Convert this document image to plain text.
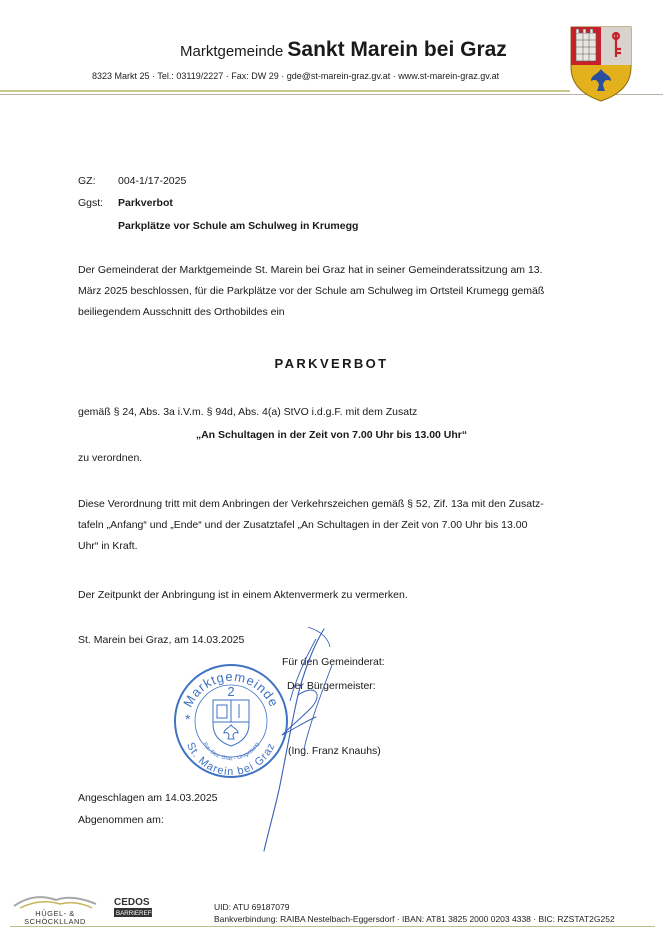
Marktgemeinde Sankt Marein bei Graz
8323 Markt 25 · Tel.: 03119/2227 · Fax: DW 29 · gde@st-marein-graz.gv.at · www.st-marein-graz.gv.at
GZ: 004-1/17-2025
Ggst: Parkverbot
Parkplätze vor Schule am Schulweg in Krumegg
Der Gemeinderat der Marktgemeinde St. Marein bei Graz hat in seiner Gemeinderatssitzung am 13.
März 2025 beschlossen, für die Parkplätze vor der Schule am Schulweg im Ortsteil Krumegg gemäß
beiliegendem Ausschnitt des Orthobildes ein
PARKVERBOT
gemäß § 24, Abs. 3a i.V.m. § 94d, Abs. 4(a) StVO i.d.g.F. mit dem Zusatz
„An Schultagen in der Zeit von 7.00 Uhr bis 13.00 Uhr“
zu verordnen.
Diese Verordnung tritt mit dem Anbringen der Verkehrszeichen gemäß § 52, Zif. 13a mit den Zusatz-
tafeln „Anfang“ und „Ende“ und der Zusatztafel „An Schultagen in der Zeit von 7.00 Uhr bis 13.00
Uhr“ in Kraft.
Der Zeitpunkt der Anbringung ist in einem Aktenvermerk zu vermerken.
St. Marein bei Graz, am 14.03.2025
Für den Gemeinderat:
Der Bürgermeister:
(Ing. Franz Knauhs)
Marktgemeinde
St. Marein bei Graz
Pol. Bez. Graz - Umgebung
2
*
Angeschlagen am 14.03.2025
Abgenommen am:
HÜGEL- &
SCHÖCKLLAND
CEDOS
BARRIEREFREIHEIT
UID: ATU 69187079
Bankverbindung: RAIBA Nestelbach-Eggersdorf · IBAN: AT81 3825 2000 0203 4338 · BIC: RZSTAT2G252
